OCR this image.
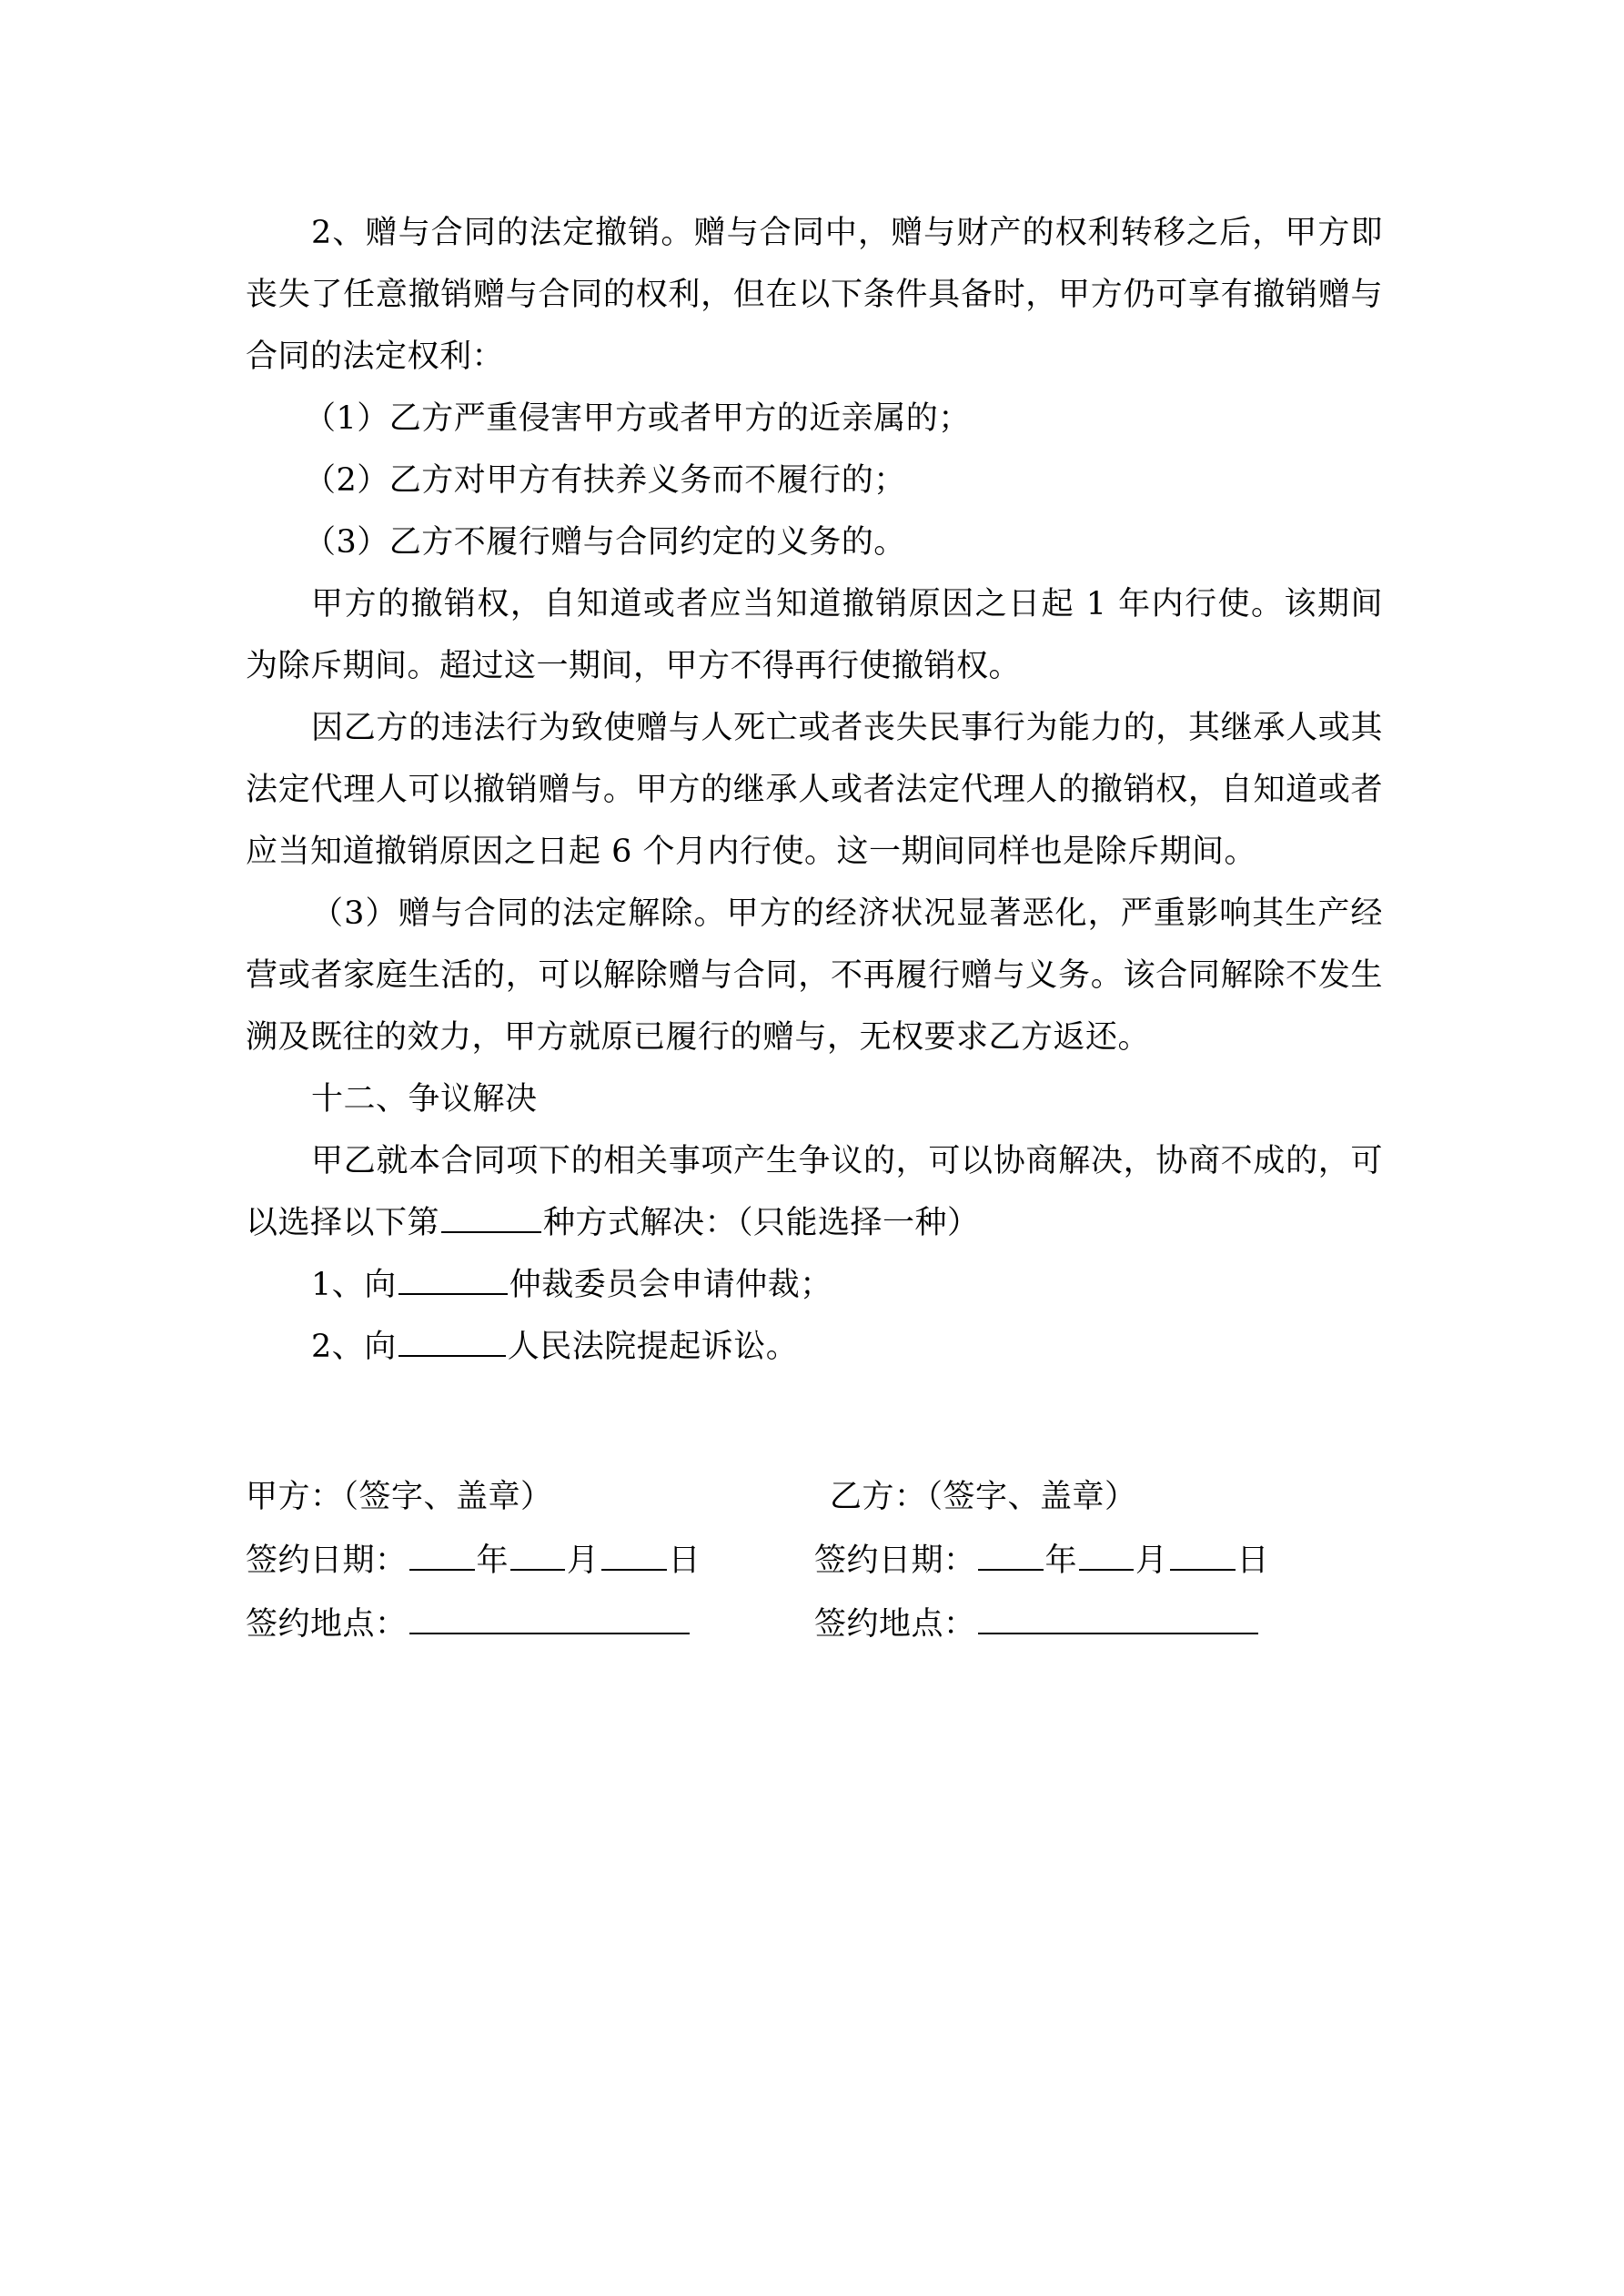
2、赠与合同的法定撤销。赠与合同中，赠与财产的权利转移之后，甲方即丧失了任意撤销赠与合同的权利，但在以下条件具备时，甲方仍可享有撤销赠与合同的法定权利：

（1）乙方严重侵害甲方或者甲方的近亲属的；

（2）乙方对甲方有扶养义务而不履行的；

（3）乙方不履行赠与合同约定的义务的。

甲方的撤销权，自知道或者应当知道撤销原因之日起 1 年内行使。该期间为除斥期间。超过这一期间，甲方不得再行使撤销权。

因乙方的违法行为致使赠与人死亡或者丧失民事行为能力的，其继承人或其法定代理人可以撤销赠与。甲方的继承人或者法定代理人的撤销权，自知道或者应当知道撤销原因之日起 6 个月内行使。这一期间同样也是除斥期间。

（3）赠与合同的法定解除。甲方的经济状况显著恶化，严重影响其生产经营或者家庭生活的，可以解除赠与合同，不再履行赠与义务。该合同解除不发生溯及既往的效力，甲方就原已履行的赠与，无权要求乙方返还。

十二、争议解决

甲乙就本合同项下的相关事项产生争议的，可以协商解决，协商不成的，可以选择以下第	种方式解决：（只能选择一种）

1、向	仲裁委员会申请仲裁；

2、向	人民法院提起诉讼。

甲方：（签字、盖章）	乙方：（签字、盖章）
签约日期： 年 月 日	签约日期： 年 月 日
签约地点：	签约地点：
